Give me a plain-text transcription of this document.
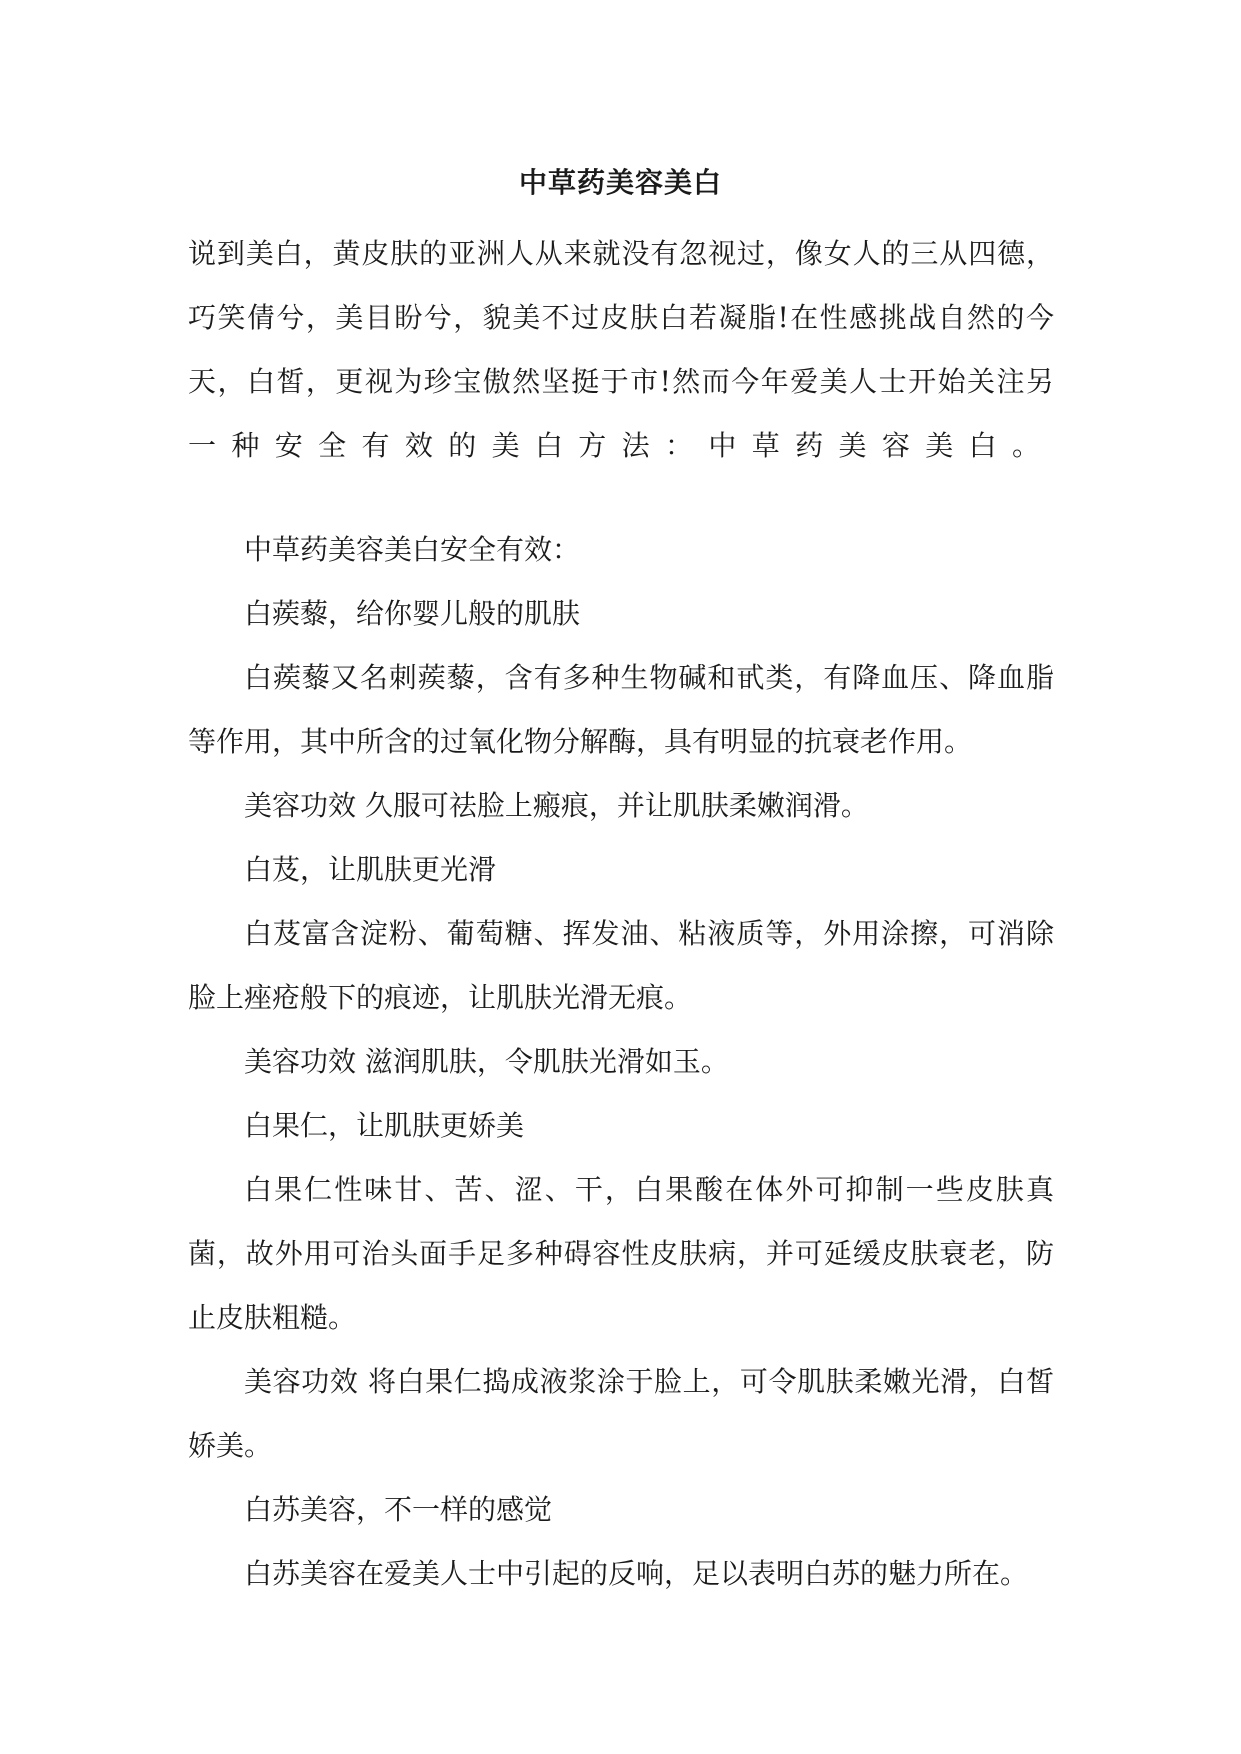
中草药美容美白

说到美白，黄皮肤的亚洲人从来就没有忽视过，像女人的三从四德，

巧笑倩兮，美目盼兮，貌美不过皮肤白若凝脂!在性感挑战自然的今

天，白皙，更视为珍宝傲然坚挺于市!然而今年爱美人士开始关注另

一种安全有效的美白方法：中草药美容美白。

中草药美容美白安全有效：

白蒺藜，给你婴儿般的肌肤

白蒺藜又名刺蒺藜，含有多种生物碱和甙类，有降血压、降血脂等作用，其中所含的过氧化物分解酶，具有明显的抗衰老作用。

美容功效 久服可祛脸上瘢痕，并让肌肤柔嫩润滑。

白芨，让肌肤更光滑

白芨富含淀粉、葡萄糖、挥发油、粘液质等，外用涂擦，可消除脸上痤疮般下的痕迹，让肌肤光滑无痕。

美容功效 滋润肌肤，令肌肤光滑如玉。

白果仁，让肌肤更娇美

白果仁性味甘、苦、涩、干，白果酸在体外可抑制一些皮肤真菌，故外用可治头面手足多种碍容性皮肤病，并可延缓皮肤衰老，防止皮肤粗糙。

美容功效 将白果仁捣成液浆涂于脸上，可令肌肤柔嫩光滑，白皙娇美。

白苏美容，不一样的感觉

白苏美容在爱美人士中引起的反响，足以表明白苏的魅力所在。
